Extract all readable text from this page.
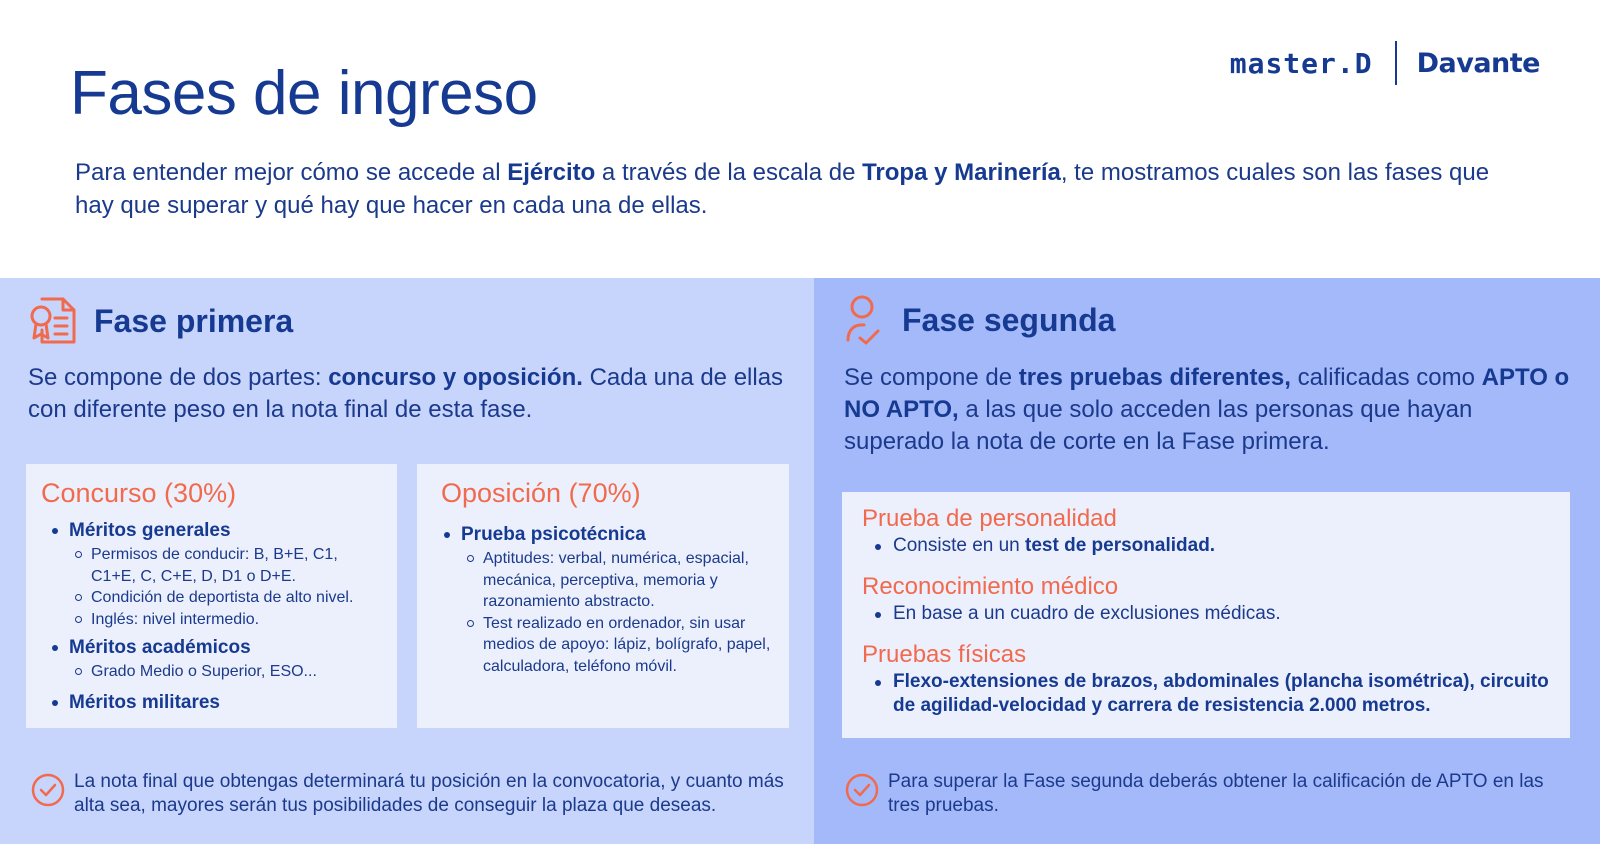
Fases de ingreso	master.D Davante

Para entender mejor cómo se accede al Ejército a través de la escala de Tropa y Marinería, te mostramos cuales son las fases que hay que superar y qué hay que hacer en cada una de ellas.

Fase primera

Se compone de dos partes: concurso y oposición. Cada una de ellas con diferente peso en la nota final de esta fase.

Concurso (30%)
Méritos generales
Permisos de conducir: B, B+E, C1, C1+E, C, C+E, D, D1 o D+E.
Condición de deportista de alto nivel.
Inglés: nivel intermedio.
Méritos académicos
Grado Medio o Superior, ESO...
Méritos militares
Oposición (70%)
Prueba psicotécnica
Aptitudes: verbal, numérica, espacial, mecánica, perceptiva, memoria y razonamiento abstracto.
Test realizado en ordenador, sin usar medios de apoyo: lápiz, bolígrafo, papel, calculadora, teléfono móvil.
La nota final que obtengas determinará tu posición en la convocatoria, y cuanto más alta sea, mayores serán tus posibilidades de conseguir la plaza que deseas.
Fase segunda

Se compone de tres pruebas diferentes, calificadas como APTO o NO APTO, a las que solo acceden las personas que hayan superado la nota de corte en la Fase primera.

Prueba de personalidad
Consiste en un test de personalidad.
Reconocimiento médico
En base a un cuadro de exclusiones médicas.
Pruebas físicas
Flexo-extensiones de brazos, abdominales (plancha isométrica), circuito de agilidad-velocidad y carrera de resistencia 2.000 metros.
Para superar la Fase segunda deberás obtener la calificación de APTO en las tres pruebas.
